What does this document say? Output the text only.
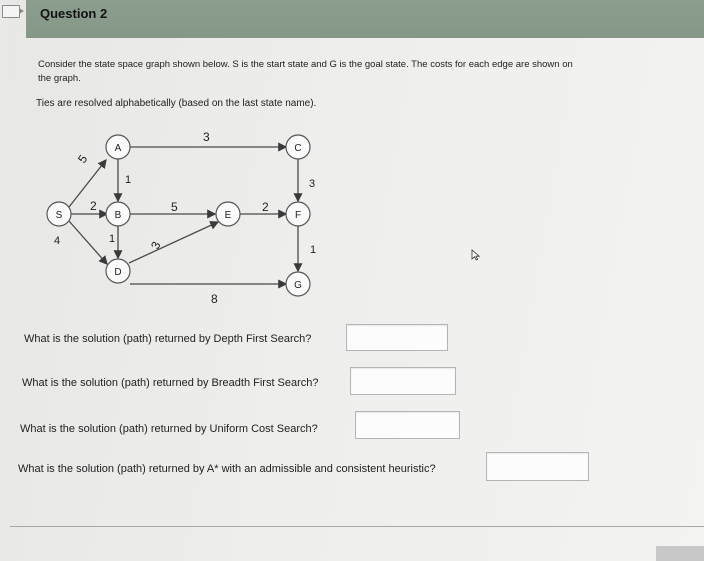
Question 2
Consider the state space graph shown below. S is the start state and G is the goal state. The costs for each edge are shown on
the graph.
Ties are resolved alphabetically (based on the last state name).
S
A
B
D
C
E	F
G
5
2
4
1
1
3
5
3
2
3
1
8
What is the solution (path) returned by Depth First Search?
What is the solution (path) returned by Breadth First Search?
What is the solution (path) returned by Uniform Cost Search?
What is the solution (path) returned by A* with an admissible and consistent heuristic?
